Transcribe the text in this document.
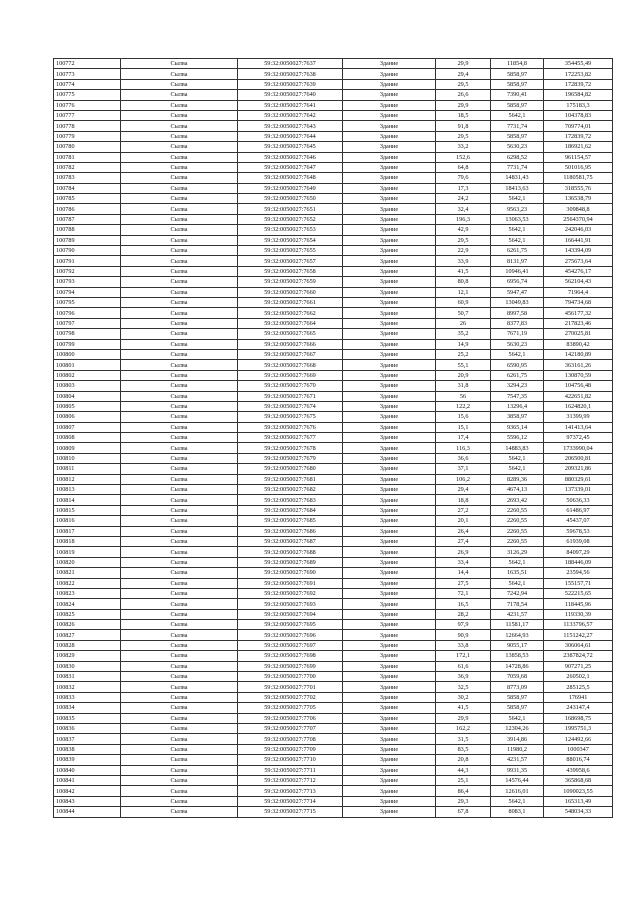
100772	Сылва	59:32:0050027:7637	Здание	29,9	11854,8	354455,49
100773	Сылва	59:32:0050027:7638	Здание	29,4	5858,97	172253,82
100774	Сылва	59:32:0050027:7639	Здание	29,5	5858,97	172839,72
100775	Сылва	59:32:0050027:7640	Здание	26,6	7390,41	196584,82
100776	Сылва	59:32:0050027:7641	Здание	29,9	5858,97	175183,3
100777	Сылва	59:32:0050027:7642	Здание	18,5	5642,1	104378,83
100778	Сылва	59:32:0050027:7643	Здание	91,8	7731,74	709774,01
100779	Сылва	59:32:0050027:7644	Здание	29,5	5858,97	172839,72
100780	Сылва	59:32:0050027:7645	Здание	33,2	5630,23	186921,62
100781	Сылва	59:32:0050027:7646	Здание	152,6	6298,52	961154,57
100782	Сылва	59:32:0050027:7647	Здание	64,8	7731,74	501016,95
100783	Сылва	59:32:0050027:7648	Здание	79,6	14831,43	1180581,75
100784	Сылва	59:32:0050027:7649	Здание	17,3	18413,63	318555,76
100785	Сылва	59:32:0050027:7650	Здание	24,2	5642,1	136538,79
100786	Сылва	59:32:0050027:7651	Здание	32,4	9563,23	309848,8
100787	Сылва	59:32:0050027:7652	Здание	196,3	13063,53	2564370,94
100788	Сылва	59:32:0050027:7653	Здание	42,9	5642,1	242046,03
100789	Сылва	59:32:0050027:7654	Здание	29,5	5642,1	166441,91
100790	Сылва	59:32:0050027:7655	Здание	22,9	6261,75	143394,09
100791	Сылва	59:32:0050027:7657	Здание	33,9	8131,97	275673,64
100792	Сылва	59:32:0050027:7658	Здание	41,5	10946,41	454276,17
100793	Сылва	59:32:0050027:7659	Здание	80,8	6956,74	562104,43
100794	Сылва	59:32:0050027:7660	Здание	12,1	5947,47	71964,4
100795	Сылва	59:32:0050027:7661	Здание	60,9	13049,83	794734,68
100796	Сылва	59:32:0050027:7662	Здание	50,7	8997,58	456177,32
100797	Сылва	59:32:0050027:7664	Здание	26	8377,83	217823,46
100798	Сылва	59:32:0050027:7665	Здание	35,2	7671,19	270025,81
100799	Сылва	59:32:0050027:7666	Здание	14,9	5630,23	83890,42
100800	Сылва	59:32:0050027:7667	Здание	25,2	5642,1	142180,89
100801	Сылва	59:32:0050027:7668	Здание	55,1	6590,95	363161,26
100802	Сылва	59:32:0050027:7669	Здание	20,9	6261,75	130870,59
100803	Сылва	59:32:0050027:7670	Здание	31,8	3294,23	104756,48
100804	Сылва	59:32:0050027:7671	Здание	56	7547,35	422651,82
100805	Сылва	59:32:0050027:7674	Здание	122,2	13296,4	1624820,1
100806	Сылва	59:32:0050027:7675	Здание	15,6	3858,97	31399,99
100807	Сылва	59:32:0050027:7676	Здание	15,1	9365,14	141413,64
100808	Сылва	59:32:0050027:7677	Здание	17,4	5596,12	97372,45
100809	Сылва	59:32:0050027:7678	Здание	116,3	14883,83	1733990,04
100810	Сылва	59:32:0050027:7679	Здание	36,6	5642,1	206500,81
100811	Сылва	59:32:0050027:7680	Здание	37,1	5642,1	209321,86
100812	Сылва	59:32:0050027:7681	Здание	106,2	8289,36	880329,61
100813	Сылва	59:32:0050027:7682	Здание	29,4	4674,13	137339,01
100814	Сылва	59:32:0050027:7683	Здание	18,8	2693,42	50636,33
100815	Сылва	59:32:0050027:7684	Здание	27,2	2260,55	61486,97
100816	Сылва	59:32:0050027:7685	Здание	20,1	2260,55	45437,07
100817	Сылва	59:32:0050027:7686	Здание	26,4	2260,55	59678,53
100818	Сылва	59:32:0050027:7687	Здание	27,4	2260,55	61939,08
100819	Сылва	59:32:0050027:7688	Здание	26,9	3126,29	84097,29
100820	Сылва	59:32:0050027:7689	Здание	33,4	5642,1	188446,09
100821	Сылва	59:32:0050027:7690	Здание	14,4	1635,51	23594,56
100822	Сылва	59:32:0050027:7691	Здание	27,5	5642,1	155157,71
100823	Сылва	59:32:0050027:7692	Здание	72,1	7242,94	522215,65
100824	Сылва	59:32:0050027:7693	Здание	16,5	7178,54	118445,96
100825	Сылва	59:32:0050027:7694	Здание	28,2	4231,57	119330,39
100826	Сылва	59:32:0050027:7695	Здание	97,9	11581,17	1133796,57
100827	Сылва	59:32:0050027:7696	Здание	90,9	12664,93	1151242,27
100828	Сылва	59:32:0050027:7697	Здание	33,8	9055,17	306064,61
100829	Сылва	59:32:0050027:7698	Здание	172,1	13858,53	2387824,72
100830	Сылва	59:32:0050027:7699	Здание	61,6	14728,86	907271,25
100831	Сылва	59:32:0050027:7700	Здание	36,9	7059,68	260502,1
100832	Сылва	59:32:0050027:7701	Здание	32,5	8773,09	285125,5
100833	Сылва	59:32:0050027:7702	Здание	30,2	5858,97	176941
100834	Сылва	59:32:0050027:7705	Здание	41,5	5858,97	243147,4
100835	Сылва	59:32:0050027:7706	Здание	29,9	5642,1	168698,75
100836	Сылва	59:32:0050027:7707	Здание	162,2	12304,26	1995751,3
100837	Сылва	59:32:0050027:7708	Здание	31,5	3914,86	124492,66
100838	Сылва	59:32:0050027:7709	Здание	83,5	11980,2	1000347
100839	Сылва	59:32:0050027:7710	Здание	20,8	4231,57	88016,74
100840	Сылва	59:32:0050027:7711	Здание	44,3	9931,35	439958,6
100841	Сылва	59:32:0050027:7712	Здание	25,1	14576,44	365868,68
100842	Сылва	59:32:0050027:7713	Здание	86,4	12616,01	1090023,55
100843	Сылва	59:32:0050027:7714	Здание	29,3	5642,1	165313,49
100844	Сылва	59:32:0050027:7715	Здание	67,8	8083,1	548034,33
